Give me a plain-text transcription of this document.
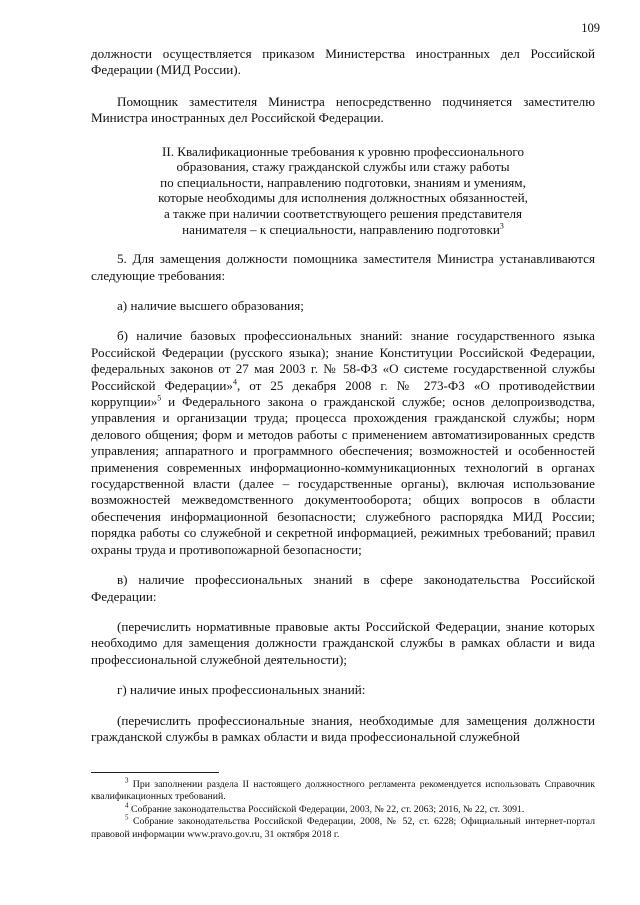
109

должности осуществляется приказом Министерства иностранных дел Российской Федерации (МИД России).

Помощник заместителя Министра непосредственно подчиняется заместителю Министра иностранных дел Российской Федерации.

II. Квалификационные требования к уровню профессионального
образования, стажу гражданской службы или стажу работы
по специальности, направлению подготовки, знаниям и умениям,
которые необходимы для исполнения должностных обязанностей,
а также при наличии соответствующего решения представителя
нанимателя – к специальности, направлению подготовки$^3$

5. Для замещения должности помощника заместителя Министра устанавливаются следующие требования:

а) наличие высшего образования;

б) наличие базовых профессиональных знаний: знание государственного языка Российской Федерации (русского языка); знание Конституции Российской Федерации, федеральных законов от 27 мая 2003 г. № 58-ФЗ «О системе государственной службы Российской Федерации»$^4$, от 25 декабря 2008 г. № 273-ФЗ «О противодействии коррупции»$^5$ и Федерального закона о гражданской службе; основ делопроизводства, управления и организации труда; процесса прохождения гражданской службы; норм делового общения; форм и методов работы с применением автоматизированных средств управления; аппаратного и программного обеспечения; возможностей и особенностей применения современных информационно-коммуникационных технологий в органах государственной власти (далее – государственные органы), включая использование возможностей межведомственного документооборота; общих вопросов в области обеспечения информационной безопасности; служебного распорядка МИД России; порядка работы со служебной и секретной информацией, режимных требований; правил охраны труда и противопожарной безопасности;

в) наличие профессиональных знаний в сфере законодательства Российской Федерации:

(перечислить нормативные правовые акты Российской Федерации, знание которых необходимо для замещения должности гражданской службы в рамках области и вида профессиональной служебной деятельности);

г) наличие иных профессиональных знаний:

(перечислить профессиональные знания, необходимые для замещения должности гражданской службы в рамках области и вида профессиональной служебной

$^3$ При заполнении раздела II настоящего должностного регламента рекомендуется использовать Справочник квалификационных требований.

$^4$ Собрание законодательства Российской Федерации, 2003, № 22, ст. 2063; 2016, № 22, ст. 3091.

$^5$ Собрание законодательства Российской Федерации, 2008, № 52, ст. 6228; Официальный интернет-портал правовой информации www.pravo.gov.ru, 31 октября 2018 г.
